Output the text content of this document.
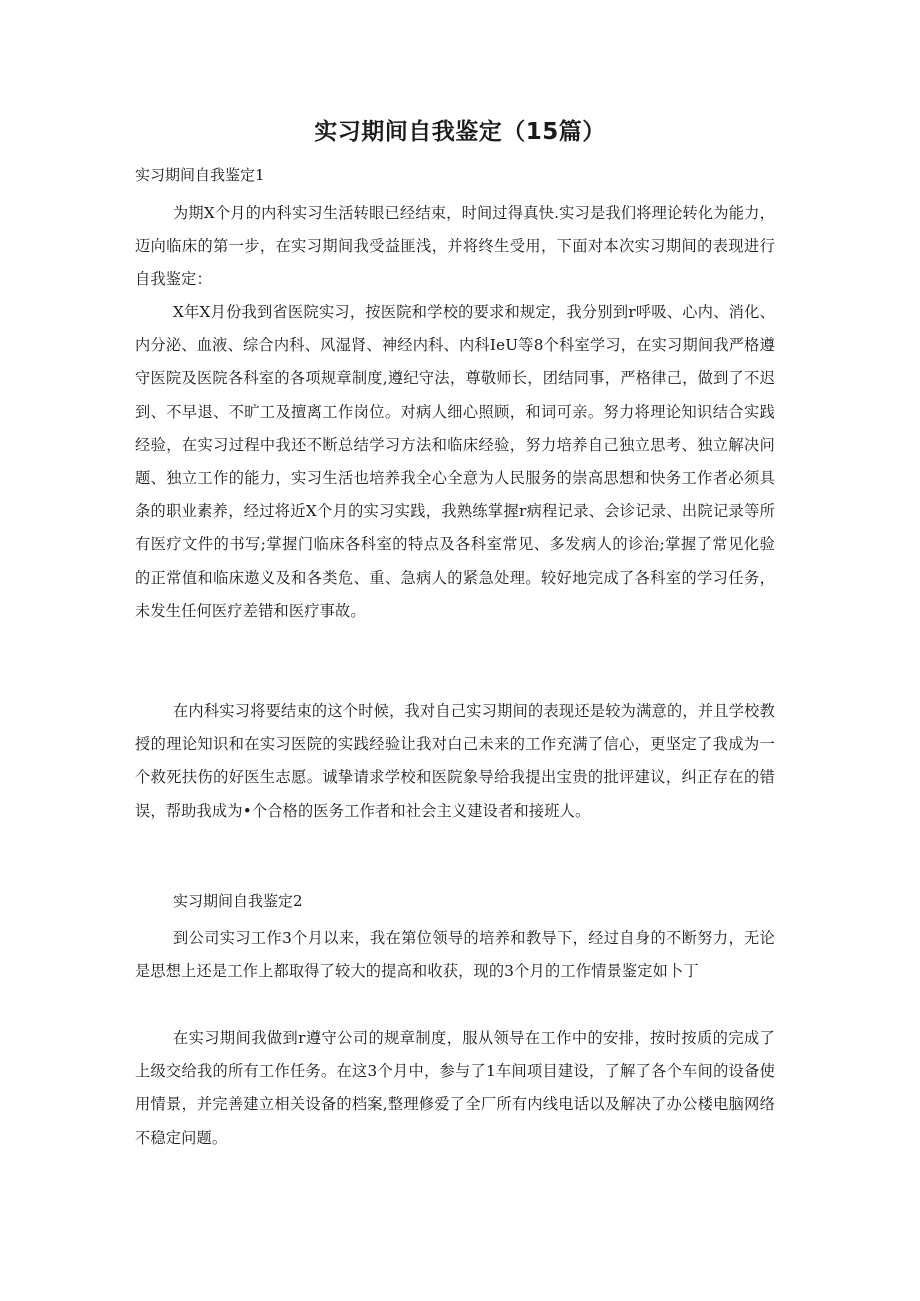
实习期间自我鉴定（15篇）
实习期间自我鉴定1
为期X个月的内科实习生活转眼已经结束，时间过得真快.实习是我们将理论转化为能力，迈向临床的第一步，在实习期间我受益匪浅，并将终生受用，下面对本次实习期间的表现进行自我鉴定：
X年X月份我到省医院实习，按医院和学校的要求和规定，我分别到r呼吸、心内、消化、内分泌、血液、综合内科、风湿肾、神经内科、内科IeU等8个科室学习，在实习期间我严格遵守医院及医院各科室的各项规章制度,遵纪守法，尊敬师长，团结同事，严格律己，做到了不迟到、不早退、不旷工及擅离工作岗位。对病人细心照顾，和词可亲。努力将理论知识结合实践经验，在实习过程中我还不断总结学习方法和临床经验，努力培养自己独立思考、独立解决问题、独立工作的能力，实习生活也培养我全心全意为人民服务的崇高思想和快务工作者必须具条的职业素养，经过将近X个月的实习实践，我熟练掌握r病程记录、会诊记录、出院记录等所有医疗文件的书写;掌握门临床各科室的特点及各科室常见、多发病人的诊治;掌握了常见化验的正常值和临床遨义及和各类危、重、急病人的紧急处理。较好地完成了各科室的学习任务，未发生任何医疗差错和医疗事故。
在内科实习将要结束的这个时候，我对自己实习期间的表现还是较为满意的，并且学校教授的理论知识和在实习医院的实践经验让我对白己未来的工作充满了信心，更坚定了我成为一个救死扶伤的好医生志愿。诚挚请求学校和医院象导给我提出宝贵的批评建议，纠正存在的错误，帮助我成为•个合格的医务工作者和社会主义建设者和接班人。
实习期间自我鉴定2
到公司实习工作3个月以来，我在第位领导的培养和教导下，经过自身的不断努力，无论是思想上还是工作上都取得了较大的提高和收获，现的3个月的工作情景鉴定如卜丁
在实习期间我做到r遵守公司的规章制度，服从领导在工作中的安排，按时按质的完成了上级交给我的所有工作任务。在这3个月中，参与了1车间项目建设，了解了各个车间的设备使用情景，并完善建立相关设备的档案,整理修爱了全厂所有内线电话以及解决了办公楼电脑网络不稳定问题。
